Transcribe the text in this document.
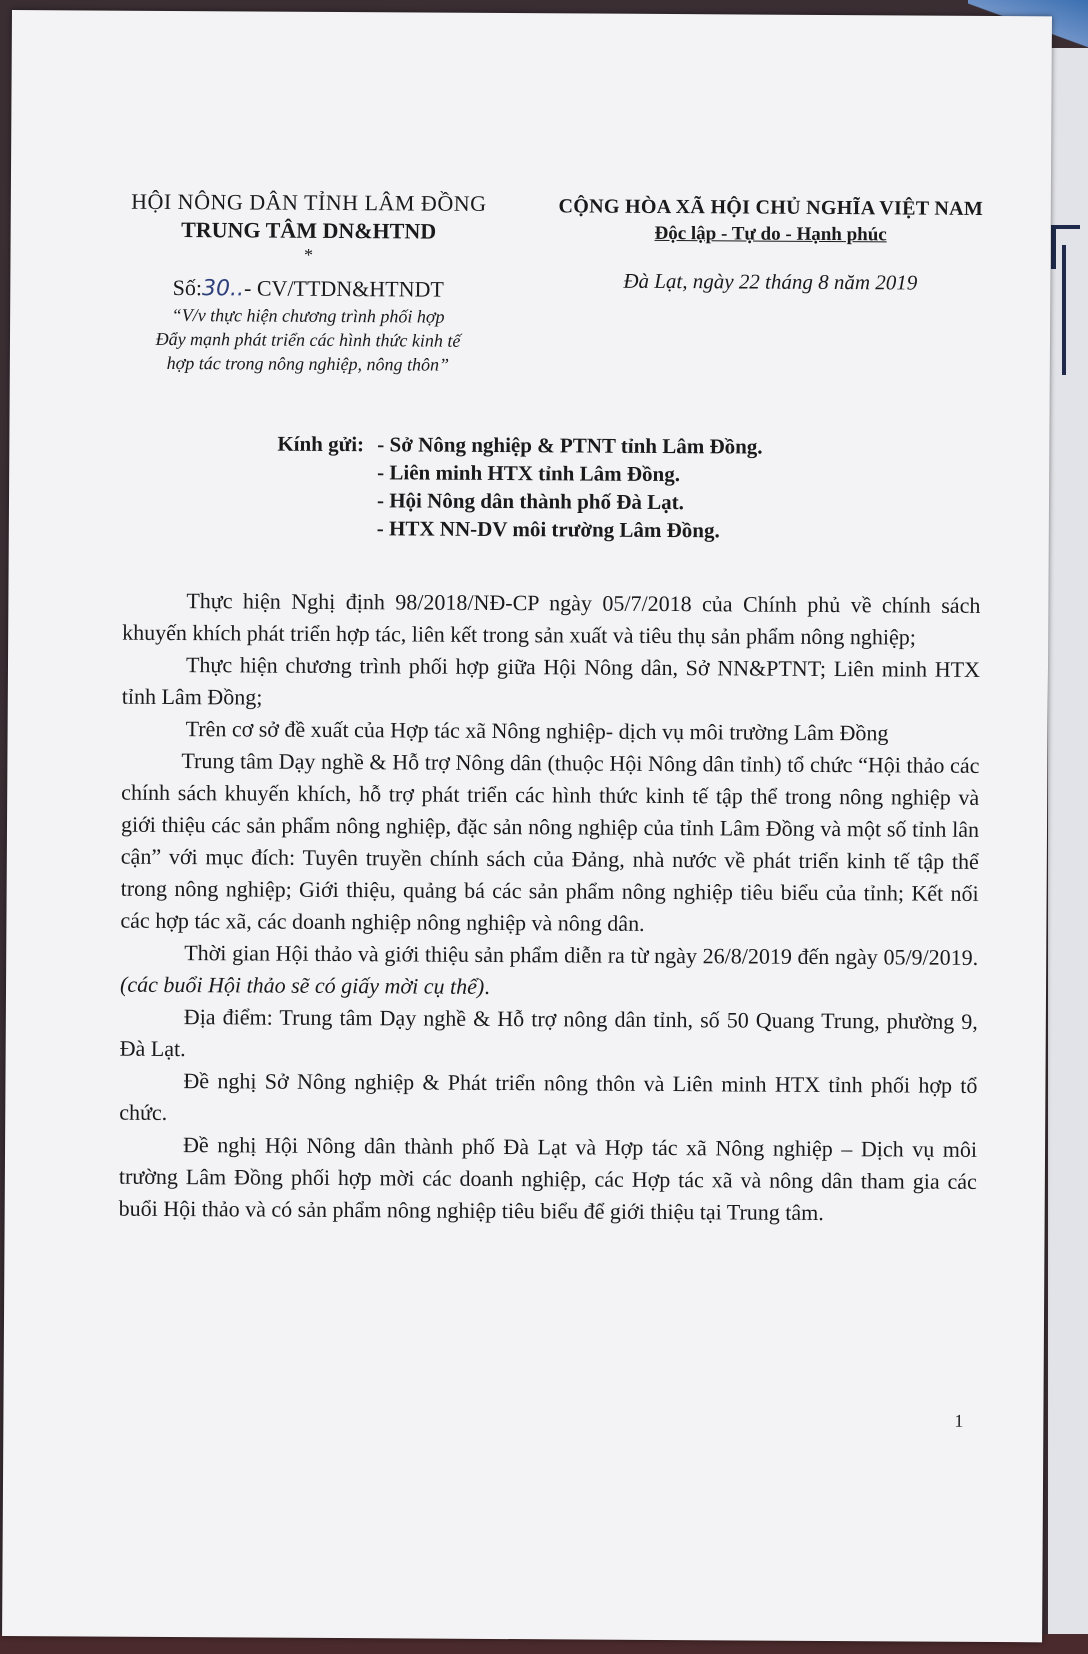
HỘI NÔNG DÂN TỈNH LÂM ĐỒNG
TRUNG TÂM DN&HTND
*
Số:30..- CV/TTDN&HTNDT
“V/v thực hiện chương trình phối hợp
Đẩy mạnh phát triển các hình thức kinh tế
hợp tác trong nông nghiệp, nông thôn”
CỘNG HÒA XÃ HỘI CHỦ NGHĨA VIỆT NAM
Độc lập - Tự do - Hạnh phúc
Đà Lạt, ngày 22 tháng 8 năm 2019
Kính gửi: - Sở Nông nghiệp & PTNT tỉnh Lâm Đồng.
- Liên minh HTX tỉnh Lâm Đồng.
- Hội Nông dân thành phố Đà Lạt.
- HTX NN-DV môi trường Lâm Đồng.

Thực hiện Nghị định 98/2018/NĐ-CP ngày 05/7/2018 của Chính phủ về chính sách khuyến khích phát triển hợp tác, liên kết trong sản xuất và tiêu thụ sản phẩm nông nghiệp;

Thực hiện chương trình phối hợp giữa Hội Nông dân, Sở NN&PTNT; Liên minh HTX tỉnh Lâm Đồng;

Trên cơ sở đề xuất của Hợp tác xã Nông nghiệp- dịch vụ môi trường Lâm Đồng

Trung tâm Dạy nghề & Hỗ trợ Nông dân (thuộc Hội Nông dân tỉnh) tổ chức “Hội thảo các chính sách khuyến khích, hỗ trợ phát triển các hình thức kinh tế tập thể trong nông nghiệp và giới thiệu các sản phẩm nông nghiệp, đặc sản nông nghiệp của tỉnh Lâm Đồng và một số tỉnh lân cận” với mục đích: Tuyên truyền chính sách của Đảng, nhà nước về phát triển kinh tế tập thể trong nông nghiệp; Giới thiệu, quảng bá các sản phẩm nông nghiệp tiêu biểu của tỉnh; Kết nối các hợp tác xã, các doanh nghiệp nông nghiệp và nông dân.

Thời gian Hội thảo và giới thiệu sản phẩm diễn ra từ ngày 26/8/2019 đến ngày 05/9/2019. (các buổi Hội thảo sẽ có giấy mời cụ thể).

Địa điểm: Trung tâm Dạy nghề & Hỗ trợ nông dân tỉnh, số 50 Quang Trung, phường 9, Đà Lạt.

Đề nghị Sở Nông nghiệp & Phát triển nông thôn và Liên minh HTX tỉnh phối hợp tổ chức.

Đề nghị Hội Nông dân thành phố Đà Lạt và Hợp tác xã Nông nghiệp – Dịch vụ môi trường Lâm Đồng phối hợp mời các doanh nghiệp, các Hợp tác xã và nông dân tham gia các buổi Hội thảo và có sản phẩm nông nghiệp tiêu biểu để giới thiệu tại Trung tâm.

1
